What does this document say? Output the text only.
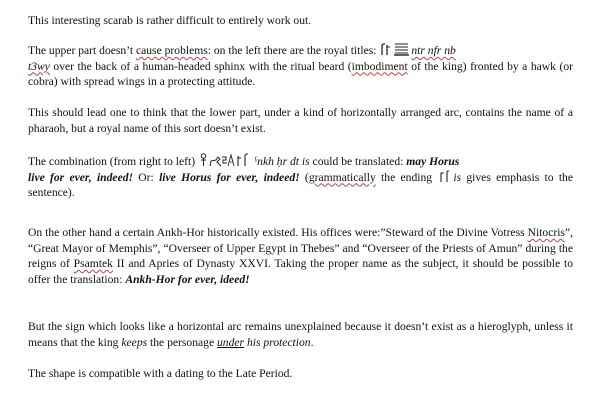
This interesting scarab is rather difficult to entirely work out.

The upper part doesn’t cause problems: on the left there are the royal titles:	ntr nfr nb
t3wy over the back of a human-headed sphinx with the ritual beard (imbodiment of the king) fronted by a hawk (or cobra) with spread wings in a protecting attitude.

This should lead one to think that the lower part, under a kind of horizontally arranged arc, contains the name of a pharaoh, but a royal name of this sort doesn’t exist.

The combination (from right to left)	ˁnkh ḥr dt is could be translated: may Horus
live for ever, indeed! Or: live Horus for ever, indeed! (grammatically the ending
is gives emphasis to the sentence).

On the other hand a certain Ankh-Hor historically existed. His offices were:”Steward of the Divine Votress Nitocris”, “Great Mayor of Memphis”, “Overseer of Upper Egypt in Thebes” and “Overseer of the Priests of Amun” during the reigns of Psamtek II and Apries of Dynasty XXVI. Taking the proper name as the subject, it should be possible to offer the translation: Ankh-Hor for ever, ideed!

But the sign which looks like a horizontal arc remains unexplained because it doesn’t exist as a hieroglyph, unless it means that the king keeps the personage under his protection.

The shape is compatible with a dating to the Late Period.
